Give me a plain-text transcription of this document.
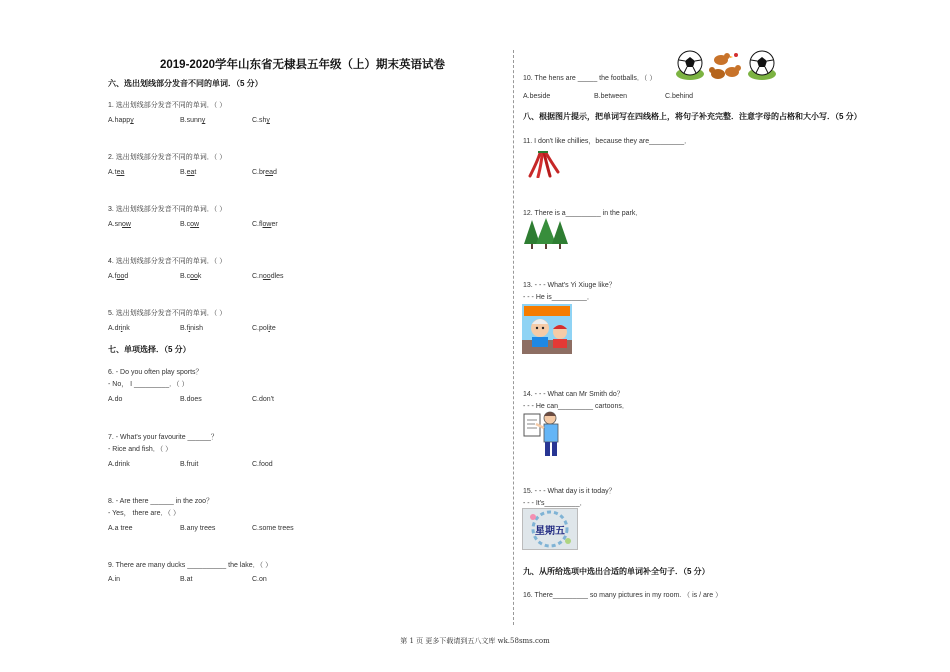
2019-2020学年山东省无棣县五年级（上）期末英语试卷
六、选出划线部分发音不同的单词．（5 分）
1. 选出划线部分发音不同的单词．（ ）
A.happy	B.sunny	C.shy
2. 选出划线部分发音不同的单词．（ ）
A.tea	B.eat	C.bread
3. 选出划线部分发音不同的单词．（ ）
A.snow	B.cow	C.flower
4. 选出划线部分发音不同的单词．（ ）
A.food	B.cook	C.noodles
5. 选出划线部分发音不同的单词．（ ）
A.drink	B.finish	C.polite
七、单项选择．（5 分）
6. - Do you often play sports？
- No， I _________．（ ）
A.do	B.does	C.don't
7. - What's your favourite ______？
- Rice and fish．（ ）
A.drink	B.fruit	C.food
8. - Are there ______ in the zoo？
- Yes， there are．（ ）
A.a tree	B.any trees	C.some trees
9. There are many ducks __________ the lake．（ ）
A.in	B.at	C.on
10. The hens are _____ the footballs．（ ）
A.beside	B.between	C.behind
八、根据图片提示，把单词写在四线格上，将句子补充完整．注意字母的占格和大小写．（5 分）
11. I don't like chillies，because they are_________．
12. There is a_________ in the park．
13. - - - What's Yi Xiuge like？
- - - He is_________．
14. - - - What can Mr Smith do？
- - - He can_________ cartoons．
15. - - - What day is it today？
- - - It's_________．
星期五
九、从所给选项中选出合适的单词补全句子．（5 分）
16. There_________ so many pictures in my room. （ is / are ）
第 1 页 更多下载请到五八文库 wk.58sms.com
